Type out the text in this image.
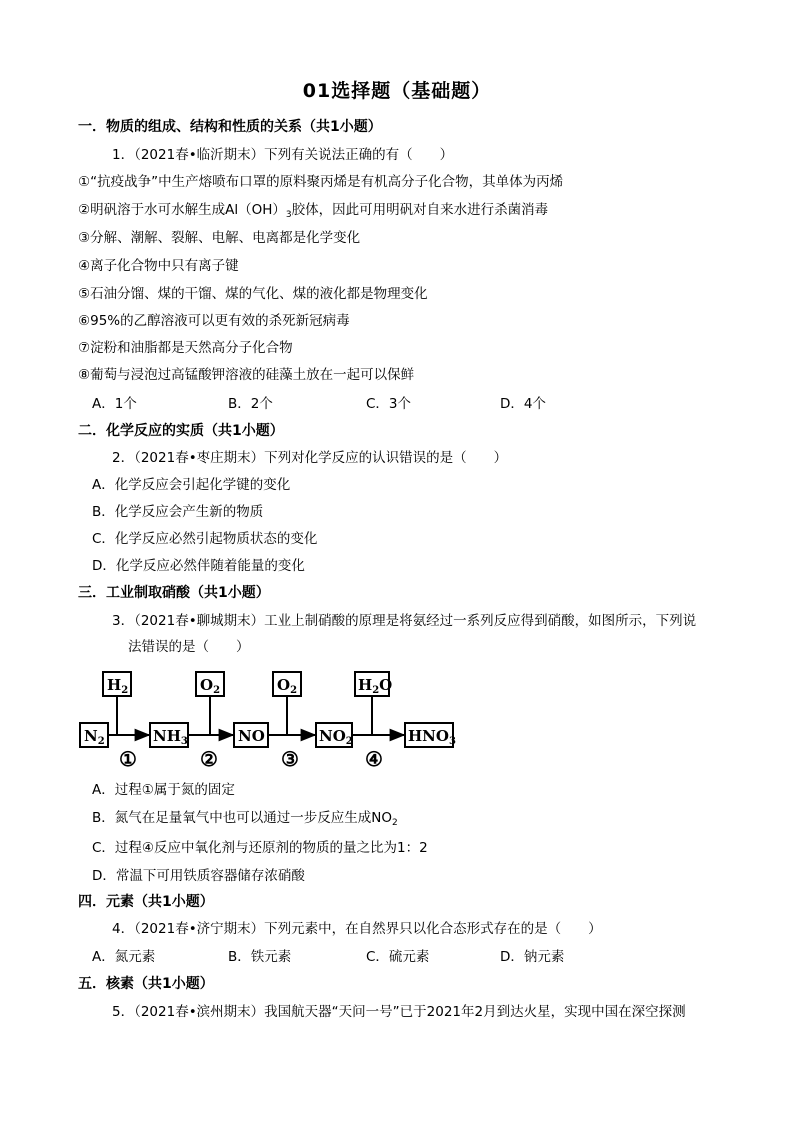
01选择题（基础题）
一．物质的组成、结构和性质的关系（共1小题）
1．（2021春•临沂期末）下列有关说法正确的有（　　）
①“抗疫战争”中生产熔喷布口罩的原料聚丙烯是有机高分子化合物，其单体为丙烯
②明矾溶于水可水解生成$Al(OH)_3$胶体，因此可用明矾对自来水进行杀菌消毒
③分解、潮解、裂解、电解、电离都是化学变化
④离子化合物中只有离子键
⑤石油分馏、煤的干馏、煤的气化、煤的液化都是物理变化
⑥95%的乙醇溶液可以更有效的杀死新冠病毒
⑦淀粉和油脂都是天然高分子化合物
⑧葡萄与浸泡过高锰酸钾溶液的硅藻土放在一起可以保鲜
A．1个	B．2个	C．3个	D．4个
二．化学反应的实质（共1小题）
2．（2021春•枣庄期末）下列对化学反应的认识错误的是（　　）
A．化学反应会引起化学键的变化
B．化学反应会产生新的物质
C．化学反应必然引起物质状态的变化
D．化学反应必然伴随着能量的变化
三．工业制取硝酸（共1小题）
3．（2021春•聊城期末）工业上制硝酸的原理是将氨经过一系列反应得到硝酸，如图所示，下列说
法错误的是（　　）
$H_2$	$O_2$	$O_2$	$H_2O$
$N_2$	$NH_3$	NO	$NO_2$	$HNO_3$
①	②	③	④
A．过程①属于氮的固定
B．氮气在足量氧气中也可以通过一步反应生成$NO_2$
C．过程④反应中氧化剂与还原剂的物质的量之比为1：2
D．常温下可用铁质容器储存浓硝酸
四．元素（共1小题）
4．（2021春•济宁期末）下列元素中，在自然界只以化合态形式存在的是（　　）
A．氮元素	B．铁元素	C．硫元素	D．钠元素
五．核素（共1小题）
5．（2021春•滨州期末）我国航天器“天问一号”已于2021年2月到达火星，实现中国在深空探测
